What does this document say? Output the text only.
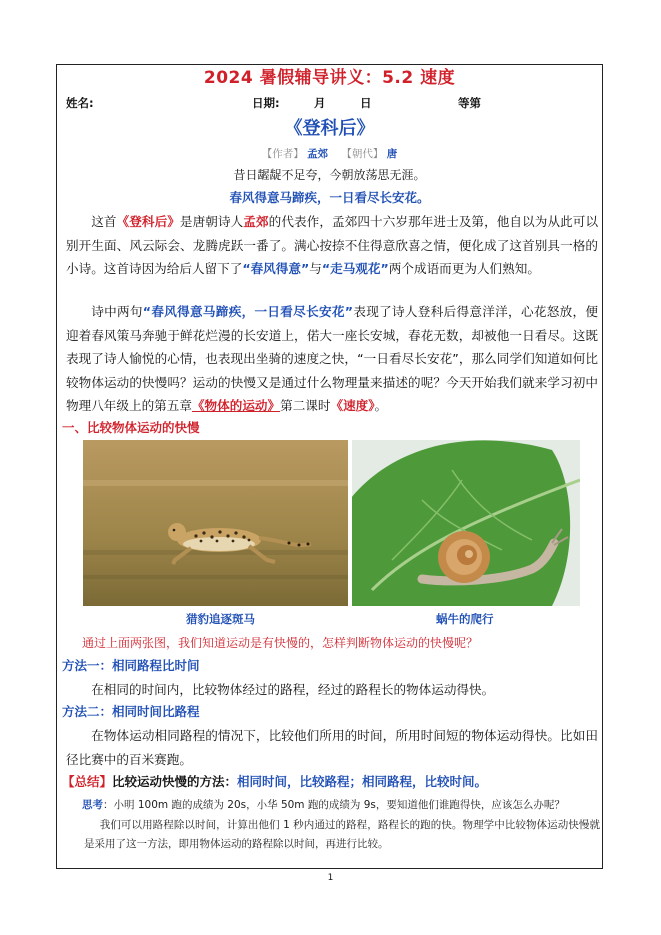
2024 暑假辅导讲义：5.2 速度
姓名:	日期:	月	日	等第
《登科后》
【作者】 孟郊 【朝代】 唐
昔日龌龊不足夸，今朝放荡思无涯。
春风得意马蹄疾，一日看尽长安花。
这首《登科后》是唐朝诗人孟郊的代表作，孟郊四十六岁那年进士及第，他自以为从此可以别开生面、风云际会、龙腾虎跃一番了。满心按捺不住得意欣喜之情，便化成了这首别具一格的小诗。这首诗因为给后人留下了“春风得意”与“走马观花”两个成语而更为人们熟知。
诗中两句“春风得意马蹄疾，一日看尽长安花”表现了诗人登科后得意洋洋，心花怒放，便迎着春风策马奔驰于鲜花烂漫的长安道上，偌大一座长安城，春花无数，却被他一日看尽。这既表现了诗人愉悦的心情，也表现出坐骑的速度之快，“一日看尽长安花”，那么同学们知道如何比较物体运动的快慢吗？运动的快慢又是通过什么物理量来描述的呢？今天开始我们就来学习初中物理八年级上的第五章《物体的运动》第二课时《速度》。
一、比较物体运动的快慢
猎豹追逐斑马	蜗牛的爬行
通过上面两张图，我们知道运动是有快慢的，怎样判断物体运动的快慢呢？
方法一：相同路程比时间
在相同的时间内，比较物体经过的路程，经过的路程长的物体运动得快。
方法二：相同时间比路程
在物体运动相同路程的情况下，比较他们所用的时间，所用时间短的物体运动得快。比如田径比赛中的百米赛跑。
【总结】比较运动快慢的方法：相同时间，比较路程；相同路程，比较时间。
思考：小明 100m 跑的成绩为 20s，小华 50m 跑的成绩为 9s，要知道他们谁跑得快，应该怎么办呢？
我们可以用路程除以时间，计算出他们 1 秒内通过的路程，路程长的跑的快。物理学中比较物体运动快慢就是采用了这一方法，即用物体运动的路程除以时间，再进行比较。
1
